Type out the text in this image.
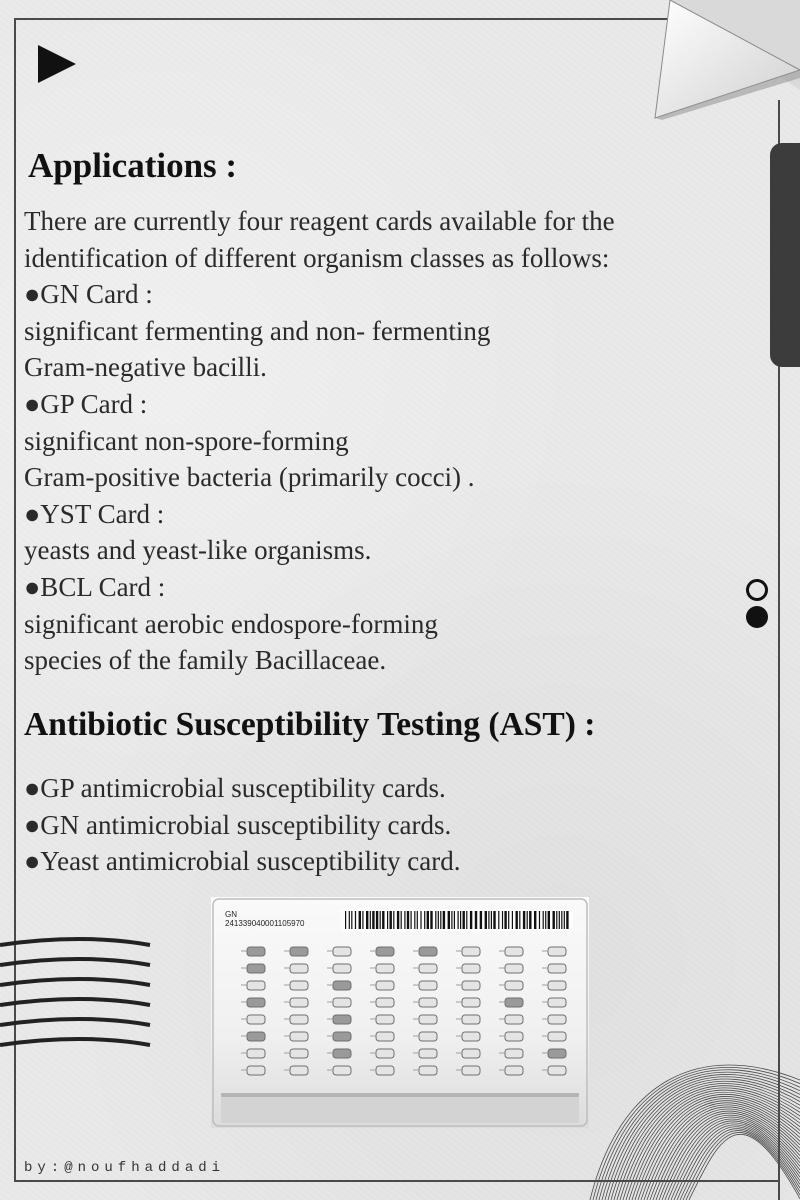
Applications :
There are currently four reagent cards available for the
identification of different organism classes as follows:
●GN Card :
significant fermenting and non- fermenting
Gram-negative bacilli.
●GP Card :
significant non-spore-forming
Gram-positive bacteria (primarily cocci) .
●YST Card :
yeasts and yeast-like organisms.
●BCL Card :
significant aerobic endospore-forming
species of the family Bacillaceae.
Antibiotic Susceptibility Testing (AST) :
●GP antimicrobial susceptibility cards.
●GN antimicrobial susceptibility cards.
●Yeast antimicrobial susceptibility card.

GN

241339040001105970

by:@noufhaddadi
